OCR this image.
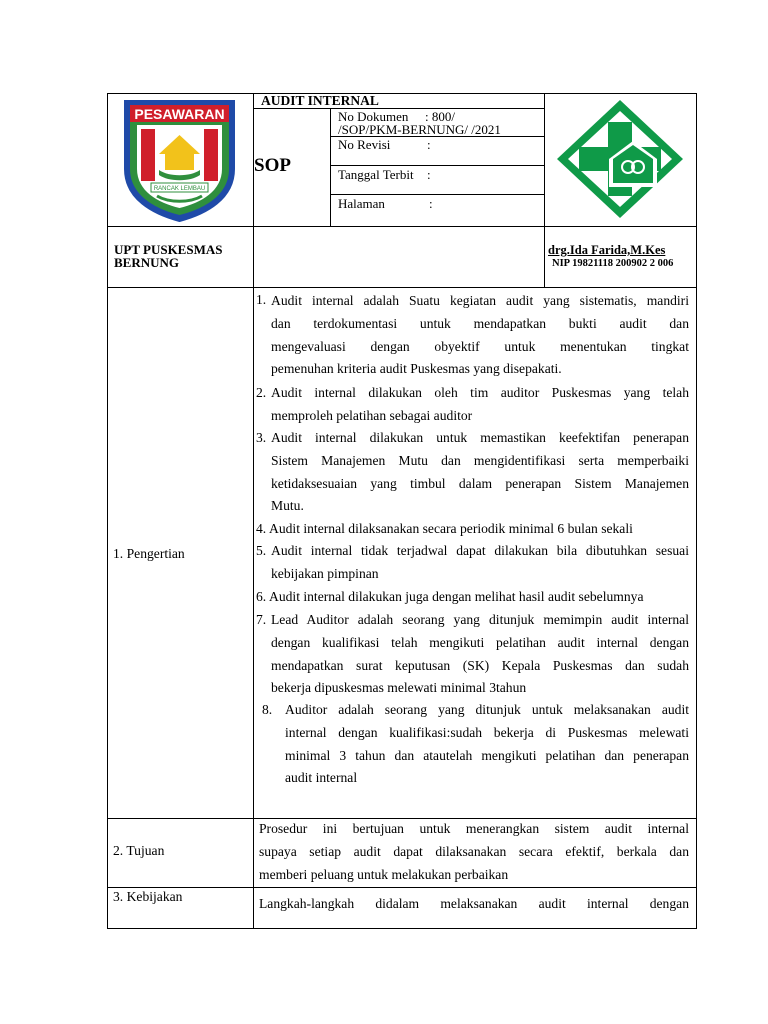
PESAWARAN
RANCAK LEMBAU
AUDIT INTERNAL
SOP
No Dokumen : 800/
/SOP/PKM-BERNUNG/ /2021
No Revisi	:
Tanggal Terbit :
Halaman	:
UPT PUSKESMAS
BERNUNG
drg.Ida Farida,M.Kes
NIP 19821118 200902 2 006
1. Pengertian
1. Audit internal adalah Suatu kegiatan audit yang sistematis, mandiri
dan terdokumentasi untuk mendapatkan bukti audit dan
mengevaluasi dengan obyektif untuk menentukan tingkat
pemenuhan kriteria audit Puskesmas yang disepakati.
2. Audit internal dilakukan oleh tim auditor Puskesmas yang telah
memproleh pelatihan sebagai auditor
3. Audit internal dilakukan untuk memastikan keefektifan penerapan
Sistem Manajemen Mutu dan mengidentifikasi serta memperbaiki
ketidaksesuaian yang timbul dalam penerapan Sistem Manajemen
Mutu.
4. Audit internal dilaksanakan secara periodik minimal 6 bulan sekali
5. Audit internal tidak terjadwal dapat dilakukan bila dibutuhkan sesuai
kebijakan pimpinan
6. Audit internal dilakukan juga dengan melihat hasil audit sebelumnya
7. Lead Auditor adalah seorang yang ditunjuk memimpin audit internal
dengan kualifikasi telah mengikuti pelatihan audit internal dengan
mendapatkan surat keputusan (SK) Kepala Puskesmas dan sudah
bekerja dipuskesmas melewati minimal 3tahun
8. Auditor adalah seorang yang ditunjuk untuk melaksanakan audit
internal dengan kualifikasi:sudah bekerja di Puskesmas melewati
minimal 3 tahun dan atautelah mengikuti pelatihan dan penerapan
audit internal
2. Tujuan
Prosedur ini bertujuan untuk menerangkan sistem audit internal
supaya setiap audit dapat dilaksanakan secara efektif, berkala dan
memberi peluang untuk melakukan perbaikan
3. Kebijakan	Langkah-langkah didalam melaksanakan audit internal dengan
